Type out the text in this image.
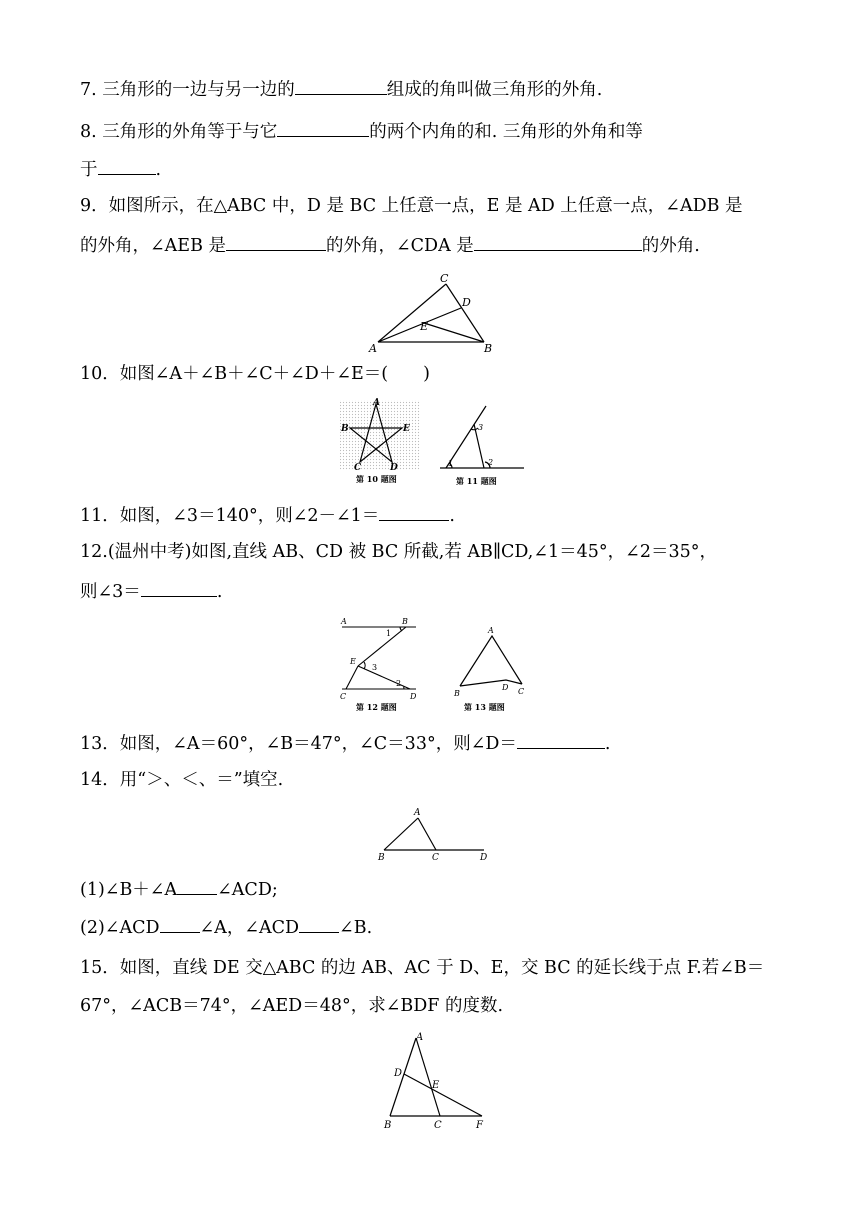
7. 三角形的一边与另一边的	组成的角叫做三角形的外角.
8. 三角形的外角等于与它	的两个内角的和. 三角形的外角和等
于	.
9．如图所示，在△ABC 中，D 是 BC 上任意一点，E 是 AD 上任意一点，∠ADB 是
的外角，∠AEB 是	的外角，∠CDA 是	的外角.
A	B
C
D
E
10．如图∠A＋∠B＋∠C＋∠D＋∠E＝(　　)
A
B
C	D
E
第 10 题图
1	2
3
第 11 题图
11．如图，∠3＝140°，则∠2－∠1＝	.
12.(温州中考)如图,直线 AB、CD 被 BC 所截,若 AB∥CD,∠1＝45°，∠2＝35°，
则∠3＝	.
A	B
C	D
E
1
2
3
第 12 题图
A
B	C
D
第 13 题图
13．如图，∠A＝60°，∠B＝47°，∠C＝33°，则∠D＝	.
14．用“＞、＜、＝”填空.
A
B	C	D
(1)∠B＋∠A ∠ACD;
(2)∠ACD ∠A，∠ACD ∠B.
15．如图，直线 DE 交△ABC 的边 AB、AC 于 D、E，交 BC 的延长线于点 F.若∠B＝
67°，∠ACB＝74°，∠AED＝48°，求∠BDF 的度数.
A
B	C
D
E
F
